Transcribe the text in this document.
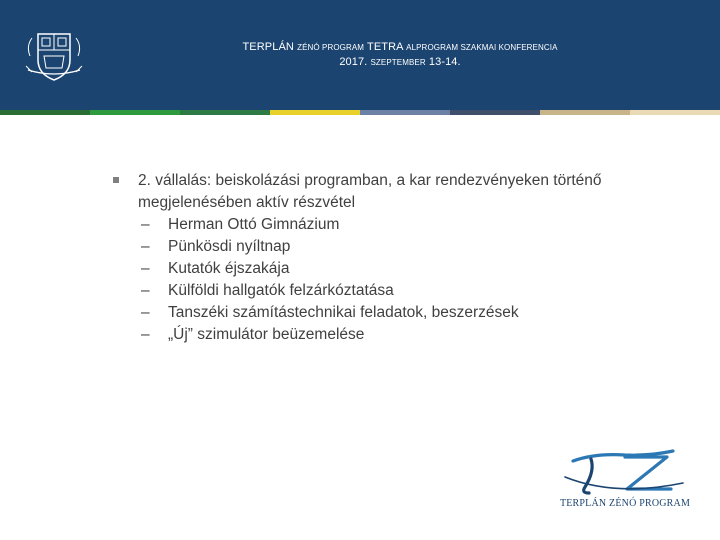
TERPLÁN ZÉNÓ PROGRAM TETRA ALPROGRAM SZAKMAI KONFERENCIA
2017. SZEPTEMBER 13-14.
2. vállalás: beiskolázási programban, a kar rendezvényeken történő megjelenésében aktív részvétel
– Herman Ottó Gimnázium
– Pünkösdi nyíltnap
– Kutatók éjszakája
– Külföldi hallgatók felzárkóztatása
– Tanszéki számítástechnikai feladatok, beszerzések
– „Új” szimulátor beüzemelése
TERPLÁN ZÉNÓ PROGRAM
